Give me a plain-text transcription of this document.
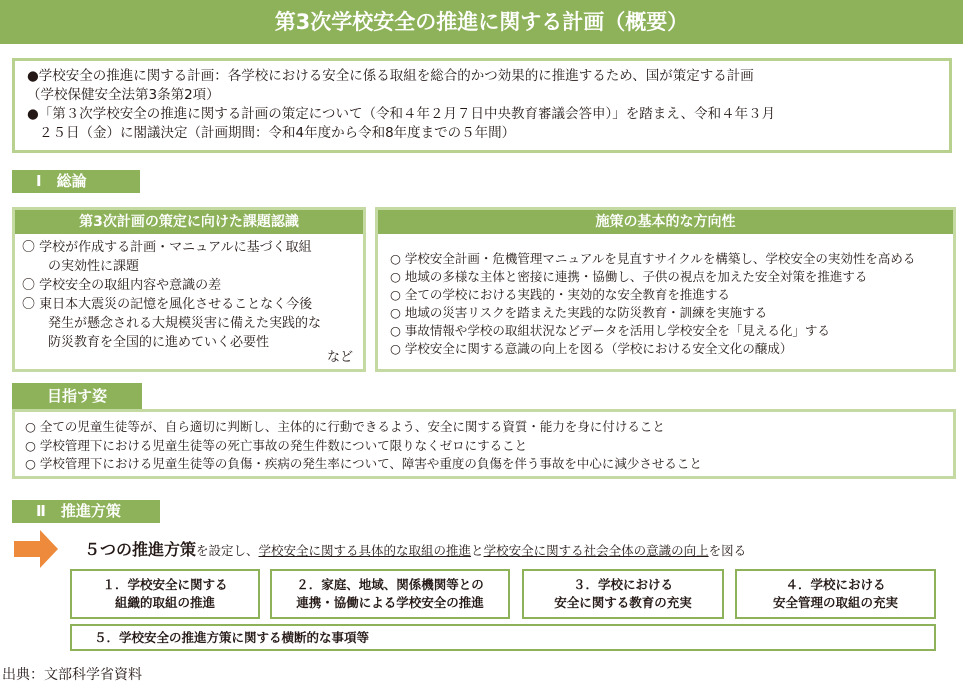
第3次学校安全の推進に関する計画（概要）

●学校安全の推進に関する計画：各学校における安全に係る取組を総合的かつ効果的に推進するため、国が策定する計画

（学校保健安全法第3条第2項）

●「第３次学校安全の推進に関する計画の策定について（令和４年２月７日中央教育審議会答申）」を踏まえ、令和４年３月

２５日（金）に閣議決定（計画期間：令和4年度から令和8年度までの５年間）

Ⅰ　総論
第3次計画の策定に向けた課題認識
〇 学校が作成する計画・マニュアルに基づく取組
　　の実効性に課題
〇 学校安全の取組内容や意識の差
〇 東日本大震災の記憶を風化させることなく今後
　　発生が懸念される大規模災害に備えた実践的な
　　防災教育を全国的に進めていく必要性
など
施策の基本的な方向性
○ 学校安全計画・危機管理マニュアルを見直すサイクルを構築し、学校安全の実効性を高める
○ 地域の多様な主体と密接に連携・協働し、子供の視点を加えた安全対策を推進する
○ 全ての学校における実践的・実効的な安全教育を推進する
○ 地域の災害リスクを踏まえた実践的な防災教育・訓練を実施する
○ 事故情報や学校の取組状況などデータを活用し学校安全を「見える化」する
○ 学校安全に関する意識の向上を図る（学校における安全文化の醸成）
目指す姿
○ 全ての児童生徒等が、自ら適切に判断し、主体的に行動できるよう、安全に関する資質・能力を身に付けること
○ 学校管理下における児童生徒等の死亡事故の発生件数について限りなくゼロにすること
○ 学校管理下における児童生徒等の負傷・疾病の発生率について、障害や重度の負傷を伴う事故を中心に減少させること
Ⅱ　推進方策
５つの推進方策を設定し、学校安全に関する具体的な取組の推進と学校安全に関する社会全体の意識の向上を図る
１．学校安全に関する
組織的取組の推進
２．家庭、地域、関係機関等との
連携・協働による学校安全の推進
３．学校における
安全に関する教育の充実
４．学校における
安全管理の取組の充実
５．学校安全の推進方策に関する横断的な事項等
出典：文部科学省資料
